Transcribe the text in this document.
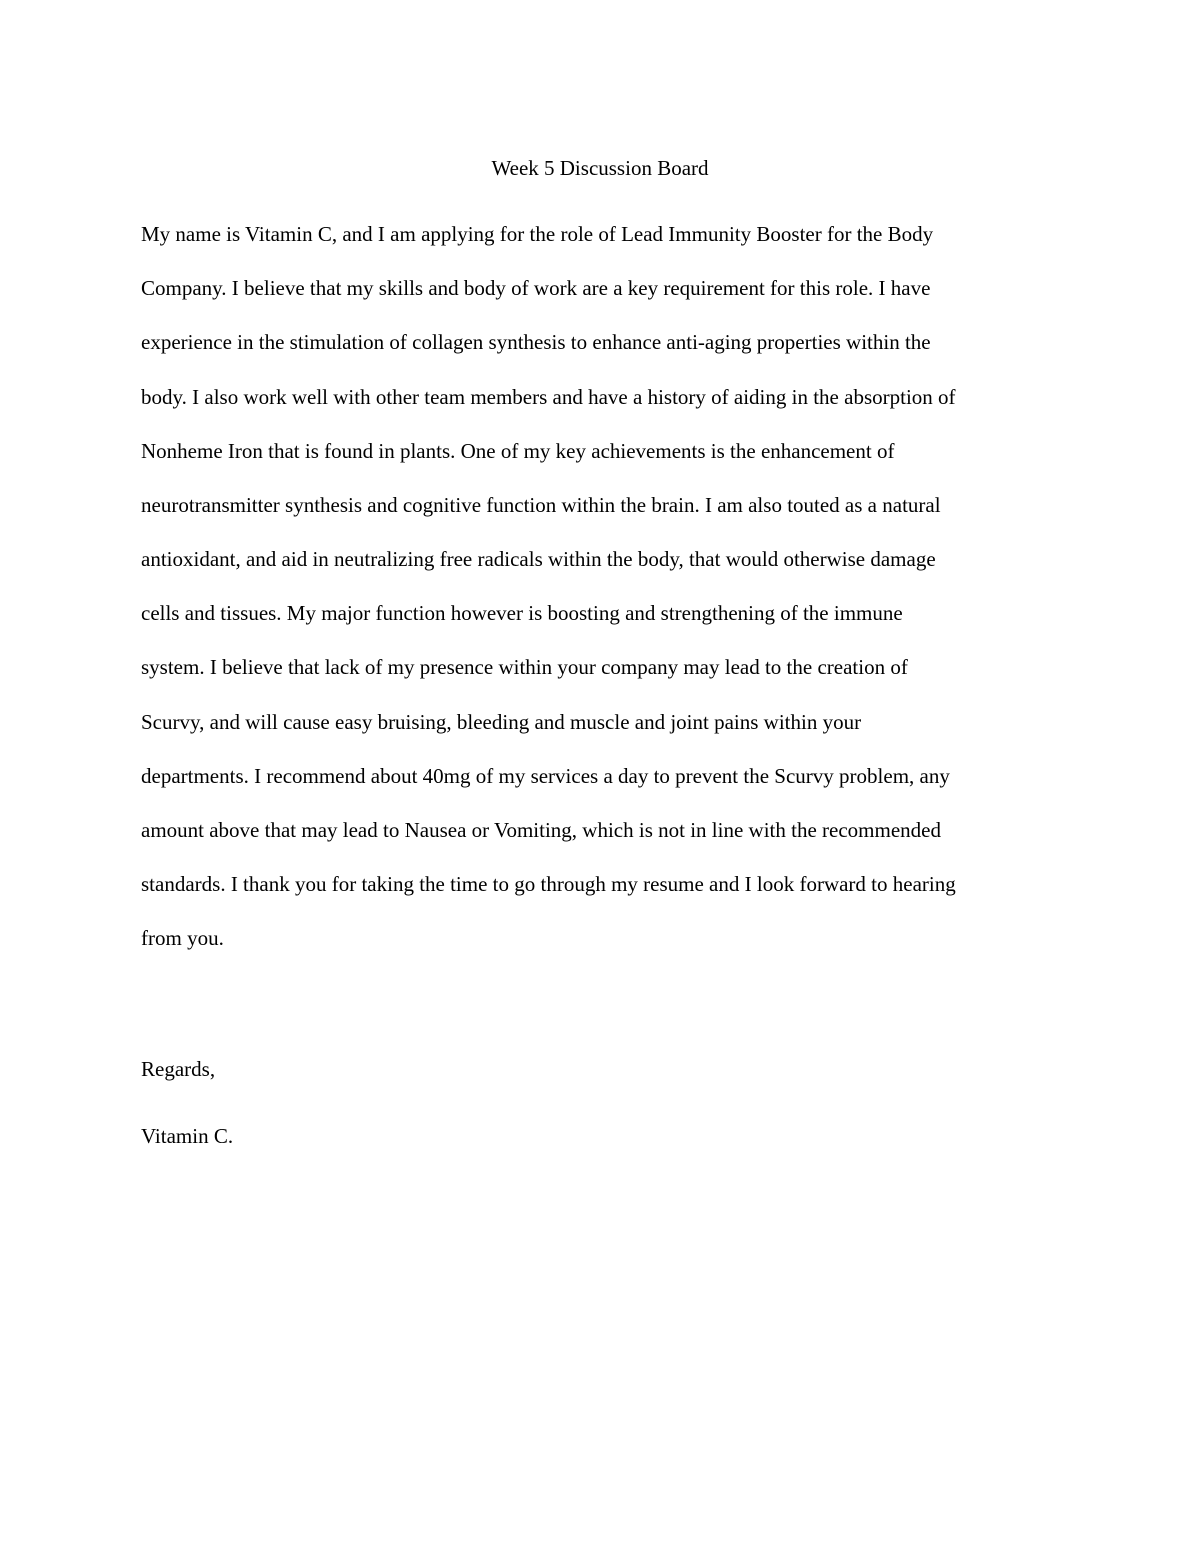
Week 5 Discussion Board
My name is Vitamin C, and I am applying for the role of Lead Immunity Booster for the Body
Company. I believe that my skills and body of work are a key requirement for this role. I have
experience in the stimulation of collagen synthesis to enhance anti-aging properties within the
body. I also work well with other team members and have a history of aiding in the absorption of
Nonheme Iron that is found in plants. One of my key achievements is the enhancement of
neurotransmitter synthesis and cognitive function within the brain. I am also touted as a natural
antioxidant, and aid in neutralizing free radicals within the body, that would otherwise damage
cells and tissues. My major function however is boosting and strengthening of the immune
system. I believe that lack of my presence within your company may lead to the creation of
Scurvy, and will cause easy bruising, bleeding and muscle and joint pains within your
departments. I recommend about 40mg of my services a day to prevent the Scurvy problem, any
amount above that may lead to Nausea or Vomiting, which is not in line with the recommended
standards. I thank you for taking the time to go through my resume and I look forward to hearing
from you.
Regards,
Vitamin C.
